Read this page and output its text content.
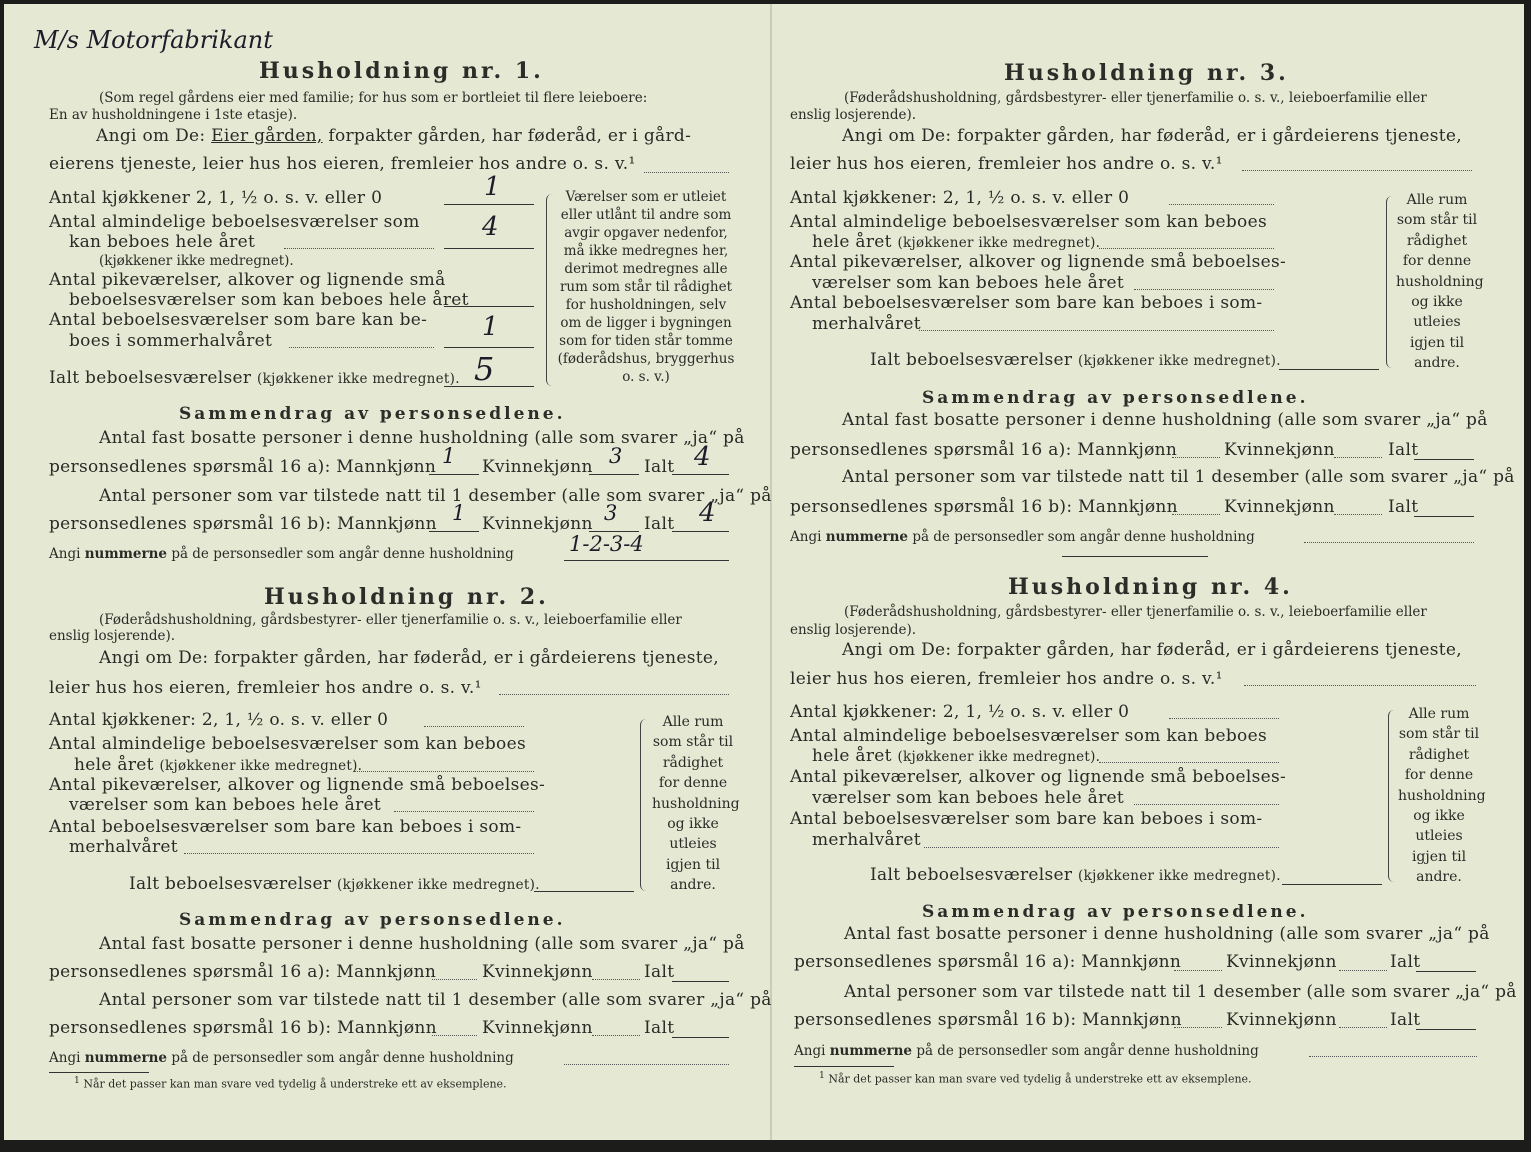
M/s Motorfabrikant
Husholdning nr. 1.
(Som regel gårdens eier med familie; for hus som er bortleiet til flere leieboere:
En av husholdningene i 1ste etasje).
Angi om De: Eier gården, forpakter gården, har føderåd, er i gård-
eierens tjeneste, leier hus hos eieren, fremleier hos andre o. s. v.¹
Antal kjøkkener 2, 1, ½ o. s. v. eller 0	1
Antal almindelige beboelsesværelser som
kan beboes hele året	4
(kjøkkener ikke medregnet).
Antal pikeværelser, alkover og lignende små
beboelsesværelser som kan beboes hele året
Antal beboelsesværelser som bare kan be-
boes i sommerhalvåret	1
Ialt beboelsesværelser (kjøkkener ikke medregnet). 5
Værelser som er utleiet eller utlånt til andre som avgir opgaver nedenfor, må ikke medregnes her, derimot medregnes alle rum som står til rådighet for husholdningen, selv om de ligger i bygningen som for tiden står tomme (føderådshus, bryggerhus o. s. v.)
Sammendrag av personsedlene.
Antal fast bosatte personer i denne husholdning (alle som svarer „ja“ på
personsedlenes spørsmål 16 a): Mannkjønn 1 Kvinnekjønn 3 Ialt 4
Antal personer som var tilstede natt til 1 desember (alle som svarer „ja“ på
personsedlenes spørsmål 16 b): Mannkjønn 1 Kvinnekjønn 3 Ialt 4
Angi nummerne på de personsedler som angår denne husholdning	1-2-3-4
Husholdning nr. 2.
(Føderådshusholdning, gårdsbestyrer- eller tjenerfamilie o. s. v., leieboerfamilie eller
enslig losjerende).
Angi om De: forpakter gården, har føderåd, er i gårdeierens tjeneste,
leier hus hos eieren, fremleier hos andre o. s. v.¹
Antal kjøkkener: 2, 1, ½ o. s. v. eller 0
Antal almindelige beboelsesværelser som kan beboes
hele året (kjøkkener ikke medregnet).
Antal pikeværelser, alkover og lignende små beboelses-
værelser som kan beboes hele året
Antal beboelsesværelser som bare kan beboes i som-
merhalvåret
Ialt beboelsesværelser (kjøkkener ikke medregnet).
Alle rum som står til rådighet for denne husholdning og ikke utleies igjen til andre.
Sammendrag av personsedlene.
Antal fast bosatte personer i denne husholdning (alle som svarer „ja“ på
personsedlenes spørsmål 16 a): Mannkjønn	Kvinnekjønn	Ialt
Antal personer som var tilstede natt til 1 desember (alle som svarer „ja“ på
personsedlenes spørsmål 16 b): Mannkjønn	Kvinnekjønn	Ialt
Angi nummerne på de personsedler som angår denne husholdning
$^1$ Når det passer kan man svare ved tydelig å understreke ett av eksemplene.
Husholdning nr. 3.
(Føderådshusholdning, gårdsbestyrer- eller tjenerfamilie o. s. v., leieboerfamilie eller
enslig losjerende).
Angi om De: forpakter gården, har føderåd, er i gårdeierens tjeneste,
leier hus hos eieren, fremleier hos andre o. s. v.¹
Antal kjøkkener: 2, 1, ½ o. s. v. eller 0
Antal almindelige beboelsesværelser som kan beboes
hele året (kjøkkener ikke medregnet).
Antal pikeværelser, alkover og lignende små beboelses-
værelser som kan beboes hele året
Antal beboelsesværelser som bare kan beboes i som-
merhalvåret
Ialt beboelsesværelser (kjøkkener ikke medregnet).
Alle rum som står til rådighet for denne husholdning og ikke utleies igjen til andre.
Sammendrag av personsedlene.
Antal fast bosatte personer i denne husholdning (alle som svarer „ja“ på
personsedlenes spørsmål 16 a): Mannkjønn	Kvinnekjønn	Ialt
Antal personer som var tilstede natt til 1 desember (alle som svarer „ja“ på
personsedlenes spørsmål 16 b): Mannkjønn	Kvinnekjønn	Ialt
Angi nummerne på de personsedler som angår denne husholdning
Husholdning nr. 4.
(Føderådshusholdning, gårdsbestyrer- eller tjenerfamilie o. s. v., leieboerfamilie eller
enslig losjerende).
Angi om De: forpakter gården, har føderåd, er i gårdeierens tjeneste,
leier hus hos eieren, fremleier hos andre o. s. v.¹
Antal kjøkkener: 2, 1, ½ o. s. v. eller 0
Antal almindelige beboelsesværelser som kan beboes
hele året (kjøkkener ikke medregnet).
Antal pikeværelser, alkover og lignende små beboelses-
værelser som kan beboes hele året
Antal beboelsesværelser som bare kan beboes i som-
merhalvåret
Ialt beboelsesværelser (kjøkkener ikke medregnet).
Alle rum som står til rådighet for denne husholdning og ikke utleies igjen til andre.
Sammendrag av personsedlene.
Antal fast bosatte personer i denne husholdning (alle som svarer „ja“ på
personsedlenes spørsmål 16 a): Mannkjønn	Kvinnekjønn	Ialt
Antal personer som var tilstede natt til 1 desember (alle som svarer „ja“ på
personsedlenes spørsmål 16 b): Mannkjønn	Kvinnekjønn	Ialt
Angi nummerne på de personsedler som angår denne husholdning
$^1$ Når det passer kan man svare ved tydelig å understreke ett av eksemplene.
